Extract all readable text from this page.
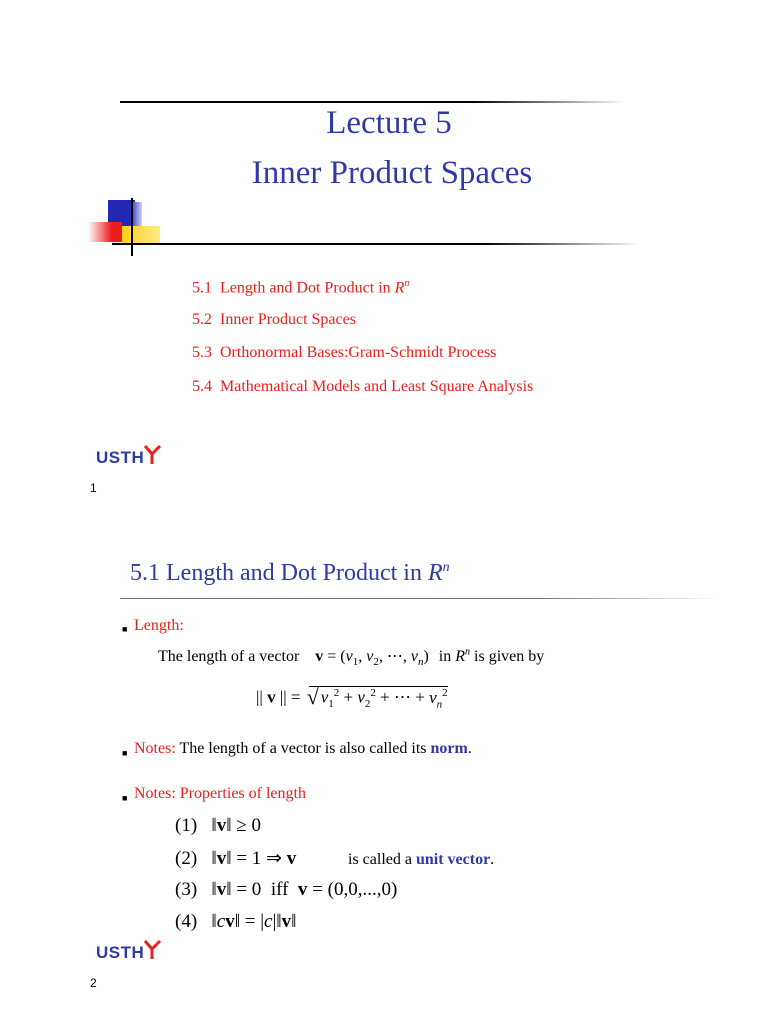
Lecture 5
Inner Product Spaces
5.1  Length and Dot Product in $R^n$
5.2  Inner Product Spaces
5.3  Orthonormal Bases:Gram-Schmidt Process
5.4  Mathematical Models and Least Square Analysis
USTH
1
5.1 Length and Dot Product in $R^n$
■ Length:
The length of a vector $v = (v_1$, $v_2$, ⋯, $v_n$) in $R^n$ is given by
|| v || = √ $v_1^2 + v_2^2$ + ⋯ + $v_n^2$
■ Notes: The length of a vector is also called its norm.
■ Notes: Properties of length
(1)   ‖v‖ ≥ 0
(2)   ‖v‖ = 1 ⇒ v	is called a unit vector.
(3)   ‖v‖ = 0  iff v = (0,0,...,0)
(4)   ‖cv‖ = |c|‖v‖
USTH
2
